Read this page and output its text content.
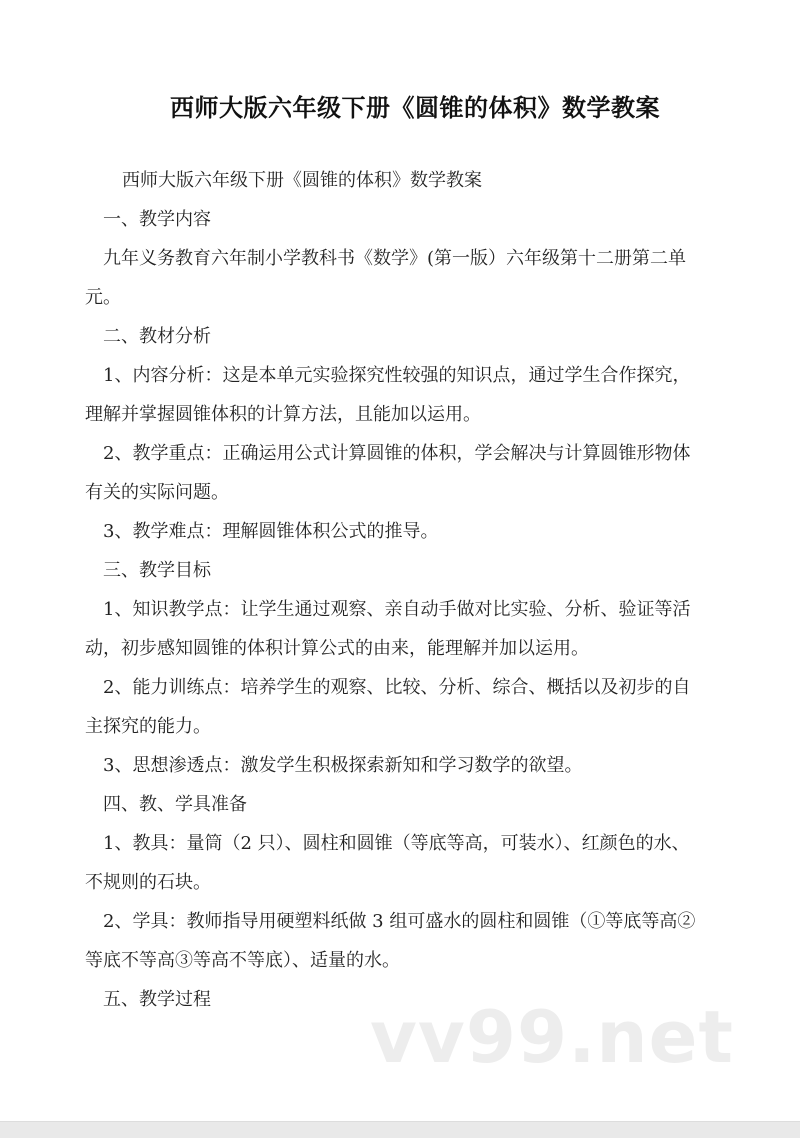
西师大版六年级下册《圆锥的体积》数学教案
西师大版六年级下册《圆锥的体积》数学教案
一、教学内容
九年义务教育六年制小学教科书《数学》(第一版）六年级第十二册第二单
元。
二、教材分析
1、内容分析：这是本单元实验探究性较强的知识点，通过学生合作探究，
理解并掌握圆锥体积的计算方法，且能加以运用。
2、教学重点：正确运用公式计算圆锥的体积，学会解决与计算圆锥形物体
有关的实际问题。
3、教学难点：理解圆锥体积公式的推导。
三、教学目标
1、知识教学点：让学生通过观察、亲自动手做对比实验、分析、验证等活
动，初步感知圆锥的体积计算公式的由来，能理解并加以运用。
2、能力训练点：培养学生的观察、比较、分析、综合、概括以及初步的自
主探究的能力。
3、思想渗透点：激发学生积极探索新知和学习数学的欲望。
四、教、学具准备
1、教具：量筒（2 只）、圆柱和圆锥（等底等高，可装水）、红颜色的水、
不规则的石块。
2、学具：教师指导用硬塑料纸做 3 组可盛水的圆柱和圆锥（①等底等高②
等底不等高③等高不等底）、适量的水。
五、教学过程	vv99.net
